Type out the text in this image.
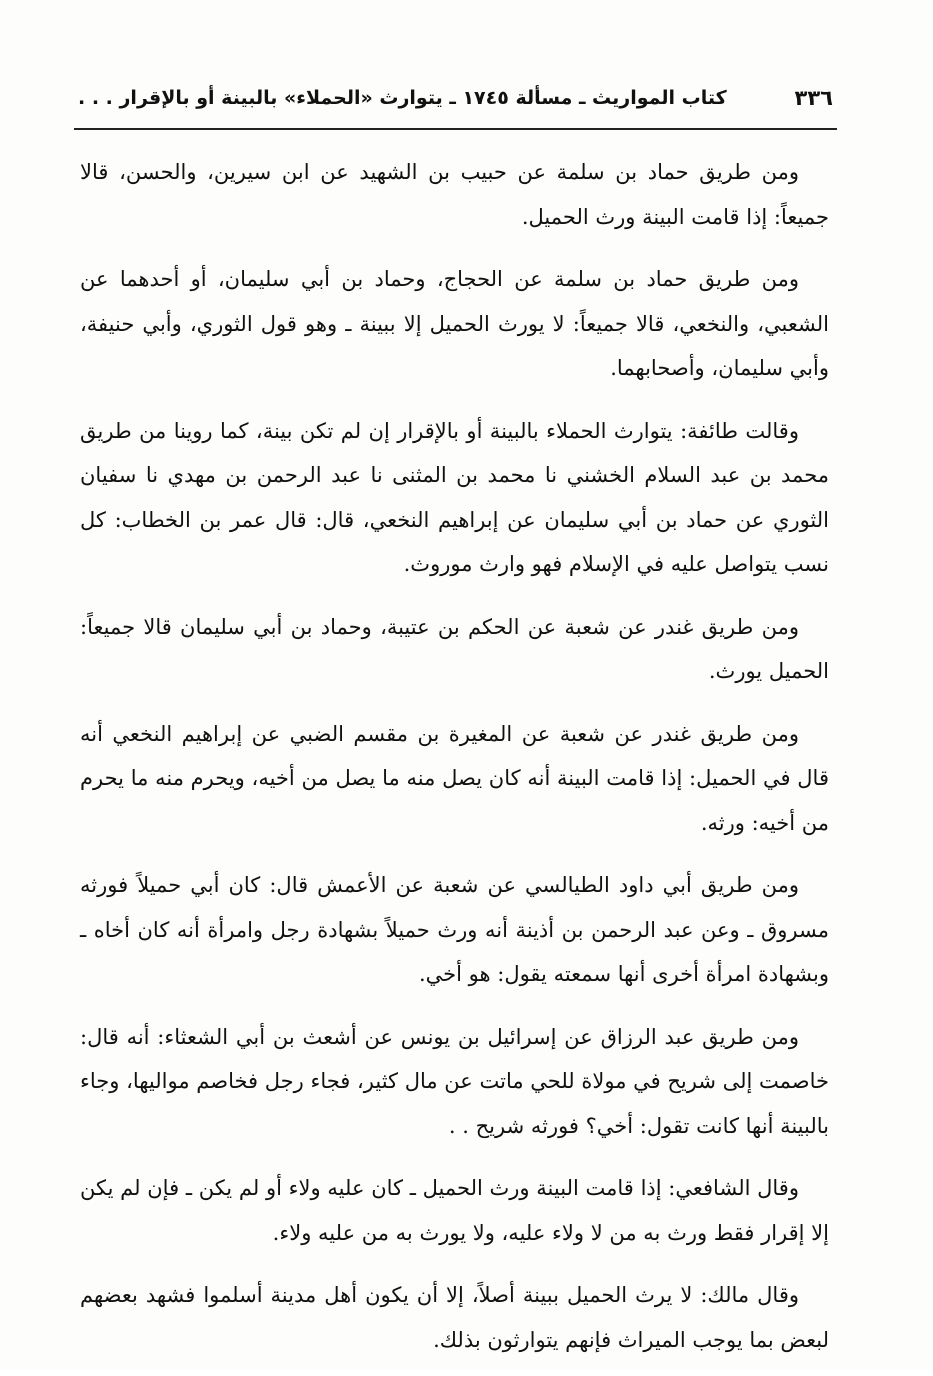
٣٣٦
كتاب المواريث ـ مسألة ١٧٤٥ ـ يتوارث «الحملاء» بالبينة أو بالإقرار . . .

ومن طريق حماد بن سلمة عن حبيب بن الشهيد عن ابن سيرين، والحسن، قالا جميعاً: إذا قامت البينة ورث الحميل.

ومن طريق حماد بن سلمة عن الحجاج، وحماد بن أبي سليمان، أو أحدهما عن الشعبي، والنخعي، قالا جميعاً: لا يورث الحميل إلا ببينة ـ وهو قول الثوري، وأبي حنيفة، وأبي سليمان، وأصحابهما.

وقالت طائفة: يتوارث الحملاء بالبينة أو بالإقرار إن لم تكن بينة، كما روينا من طريق محمد بن عبد السلام الخشني نا محمد بن المثنى نا عبد الرحمن بن مهدي نا سفيان الثوري عن حماد بن أبي سليمان عن إبراهيم النخعي، قال: قال عمر بن الخطاب: كل نسب يتواصل عليه في الإسلام فهو وارث موروث.

ومن طريق غندر عن شعبة عن الحكم بن عتيبة، وحماد بن أبي سليمان قالا جميعاً: الحميل يورث.

ومن طريق غندر عن شعبة عن المغيرة بن مقسم الضبي عن إبراهيم النخعي أنه قال في الحميل: إذا قامت البينة أنه كان يصل منه ما يصل من أخيه، ويحرم منه ما يحرم من أخيه: ورثه.

ومن طريق أبي داود الطيالسي عن شعبة عن الأعمش قال: كان أبي حميلاً فورثه مسروق ـ وعن عبد الرحمن بن أذينة أنه ورث حميلاً بشهادة رجل وامرأة أنه كان أخاه ـ وبشهادة امرأة أخرى أنها سمعته يقول: هو أخي.

ومن طريق عبد الرزاق عن إسرائيل بن يونس عن أشعث بن أبي الشعثاء: أنه قال: خاصمت إلى شريح في مولاة للحي ماتت عن مال كثير، فجاء رجل فخاصم مواليها، وجاء بالبينة أنها كانت تقول: أخي؟ فورثه شريح . .

وقال الشافعي: إذا قامت البينة ورث الحميل ـ كان عليه ولاء أو لم يكن ـ فإن لم يكن إلا إقرار فقط ورث به من لا ولاء عليه، ولا يورث به من عليه ولاء.

وقال مالك: لا يرث الحميل ببينة أصلاً، إلا أن يكون أهل مدينة أسلموا فشهد بعضهم لبعض بما يوجب الميراث فإنهم يتوارثون بذلك.
